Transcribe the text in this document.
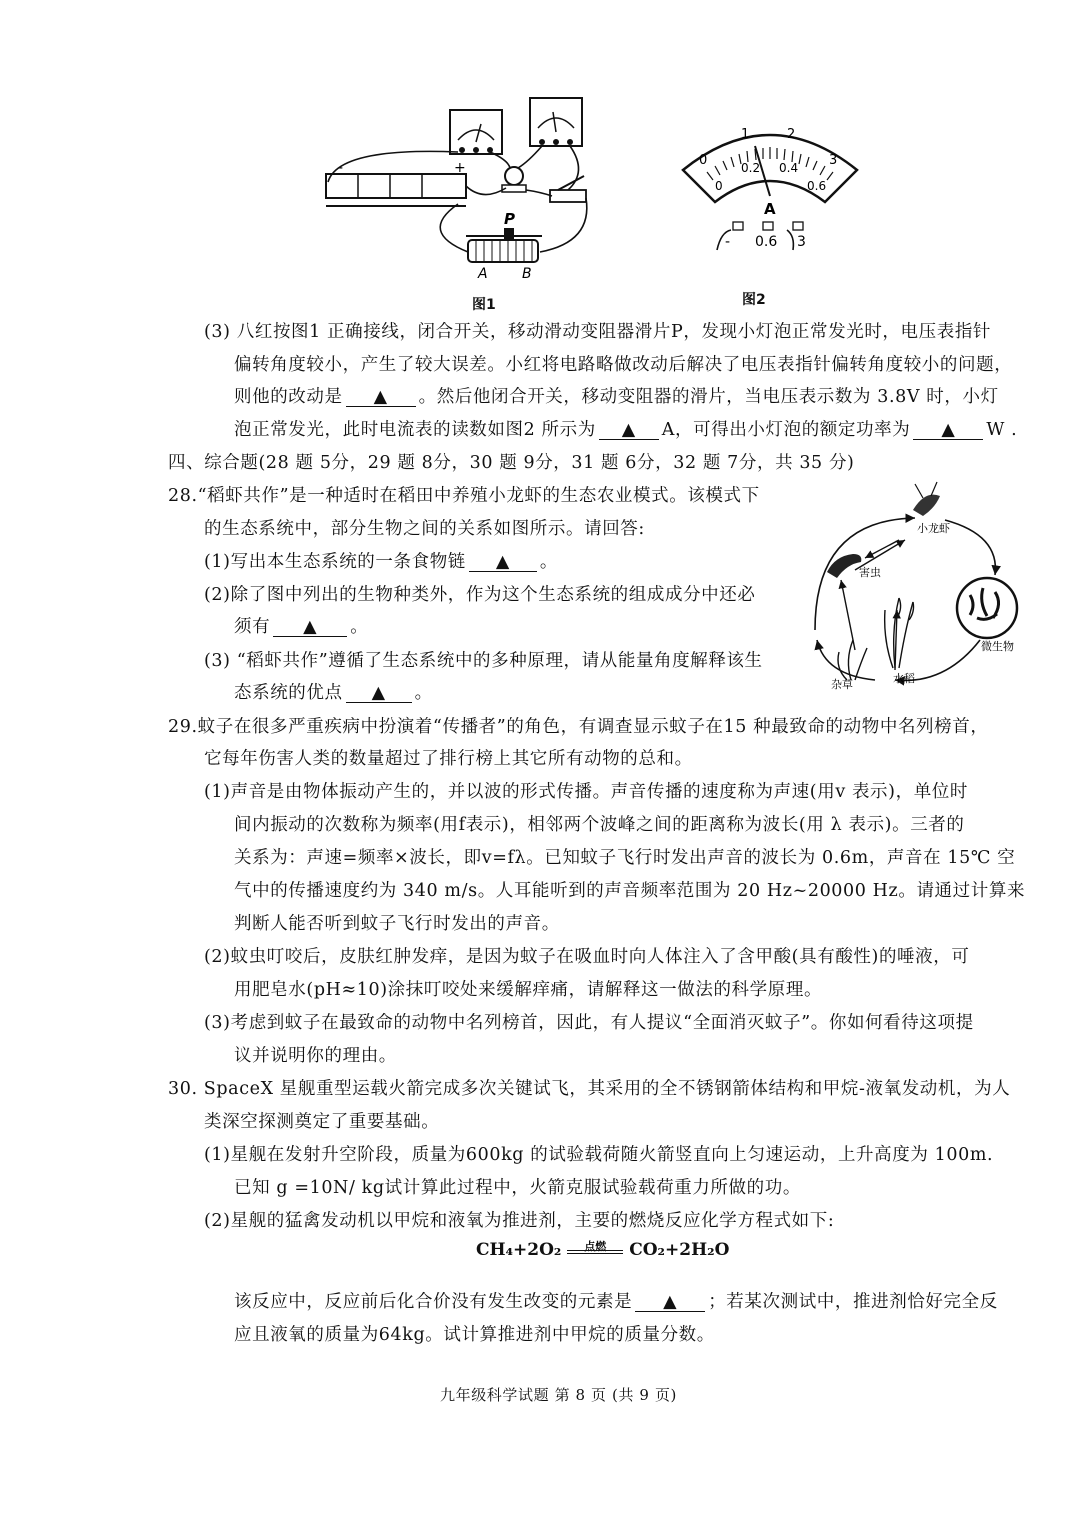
-	+
P
A B
图1
0
1	2
3
0
0.2 0.4
0.6
A
- 0.6 3
图2
(3) 八红按图1 正确接线，闭合开关，移动滑动变阻器滑片P，发现小灯泡正常发光时，电压表指针
偏转角度较小，产生了较大误差。小红将电路略做改动后解决了电压表指针偏转角度较小的问题，
则他的改动是 ▲ 。然后他闭合开关，移动变阻器的滑片，当电压表示数为 3.8V 时，小灯
泡正常发光，此时电流表的读数如图2 所示为 ▲ A，可得出小灯泡的额定功率为 ▲ W .
四、综合题(28 题 5分，29 题 8分，30 题 9分，31 题 6分，32 题 7分，共 35 分)
28.“稻虾共作”是一种适时在稻田中养殖小龙虾的生态农业模式。该模式下
的生态系统中，部分生物之间的关系如图所示。请回答:
(1)写出本生态系统的一条食物链 ▲ 。
(2)除了图中列出的生物种类外，作为这个生态系统的组成成分中还必
须有 ▲ 。
(3) “稻虾共作”遵循了生态系统中的多种原理，请从能量角度解释该生
态系统的优点 ▲ 。
小龙虾
害虫
微生物
水稻
杂草
29.蚊子在很多严重疾病中扮演着“传播者”的角色，有调查显示蚊子在15 种最致命的动物中名列榜首，
它每年伤害人类的数量超过了排行榜上其它所有动物的总和。
(1)声音是由物体振动产生的，并以波的形式传播。声音传播的速度称为声速(用v 表示)，单位时
间内振动的次数称为频率(用f表示)，相邻两个波峰之间的距离称为波长(用 λ 表示)。三者的
关系为：声速=频率×波长，即v=fλ。已知蚊子飞行时发出声音的波长为 0.6m，声音在 15℃ 空
气中的传播速度约为 340 m/s。人耳能听到的声音频率范围为 20 Hz~20000 Hz。请通过计算来
判断人能否听到蚊子飞行时发出的声音。
(2)蚊虫叮咬后，皮肤红肿发痒，是因为蚊子在吸血时向人体注入了含甲酸(具有酸性)的唾液，可
用肥皂水(pH≈10)涂抹叮咬处来缓解痒痛，请解释这一做法的科学原理。
(3)考虑到蚊子在最致命的动物中名列榜首，因此，有人提议“全面消灭蚊子”。你如何看待这项提
议并说明你的理由。
30. SpaceX 星舰重型运载火箭完成多次关键试飞，其采用的全不锈钢箭体结构和甲烷-液氧发动机，为人
类深空探测奠定了重要基础。
(1)星舰在发射升空阶段，质量为600kg 的试验载荷随火箭竖直向上匀速运动，上升高度为 100m.
已知 g =10N/ kg试计算此过程中，火箭克服试验载荷重力所做的功。
(2)星舰的猛禽发动机以甲烷和液氧为推进剂，主要的燃烧反应化学方程式如下:
CH₄+2O₂	点燃	CO₂+2H₂O
该反应中，反应前后化合价没有发生改变的元素是 ▲ ；若某次测试中，推进剂恰好完全反
应且液氧的质量为64kg。试计算推进剂中甲烷的质量分数。
九年级科学试题 第 8 页 (共 9 页)
